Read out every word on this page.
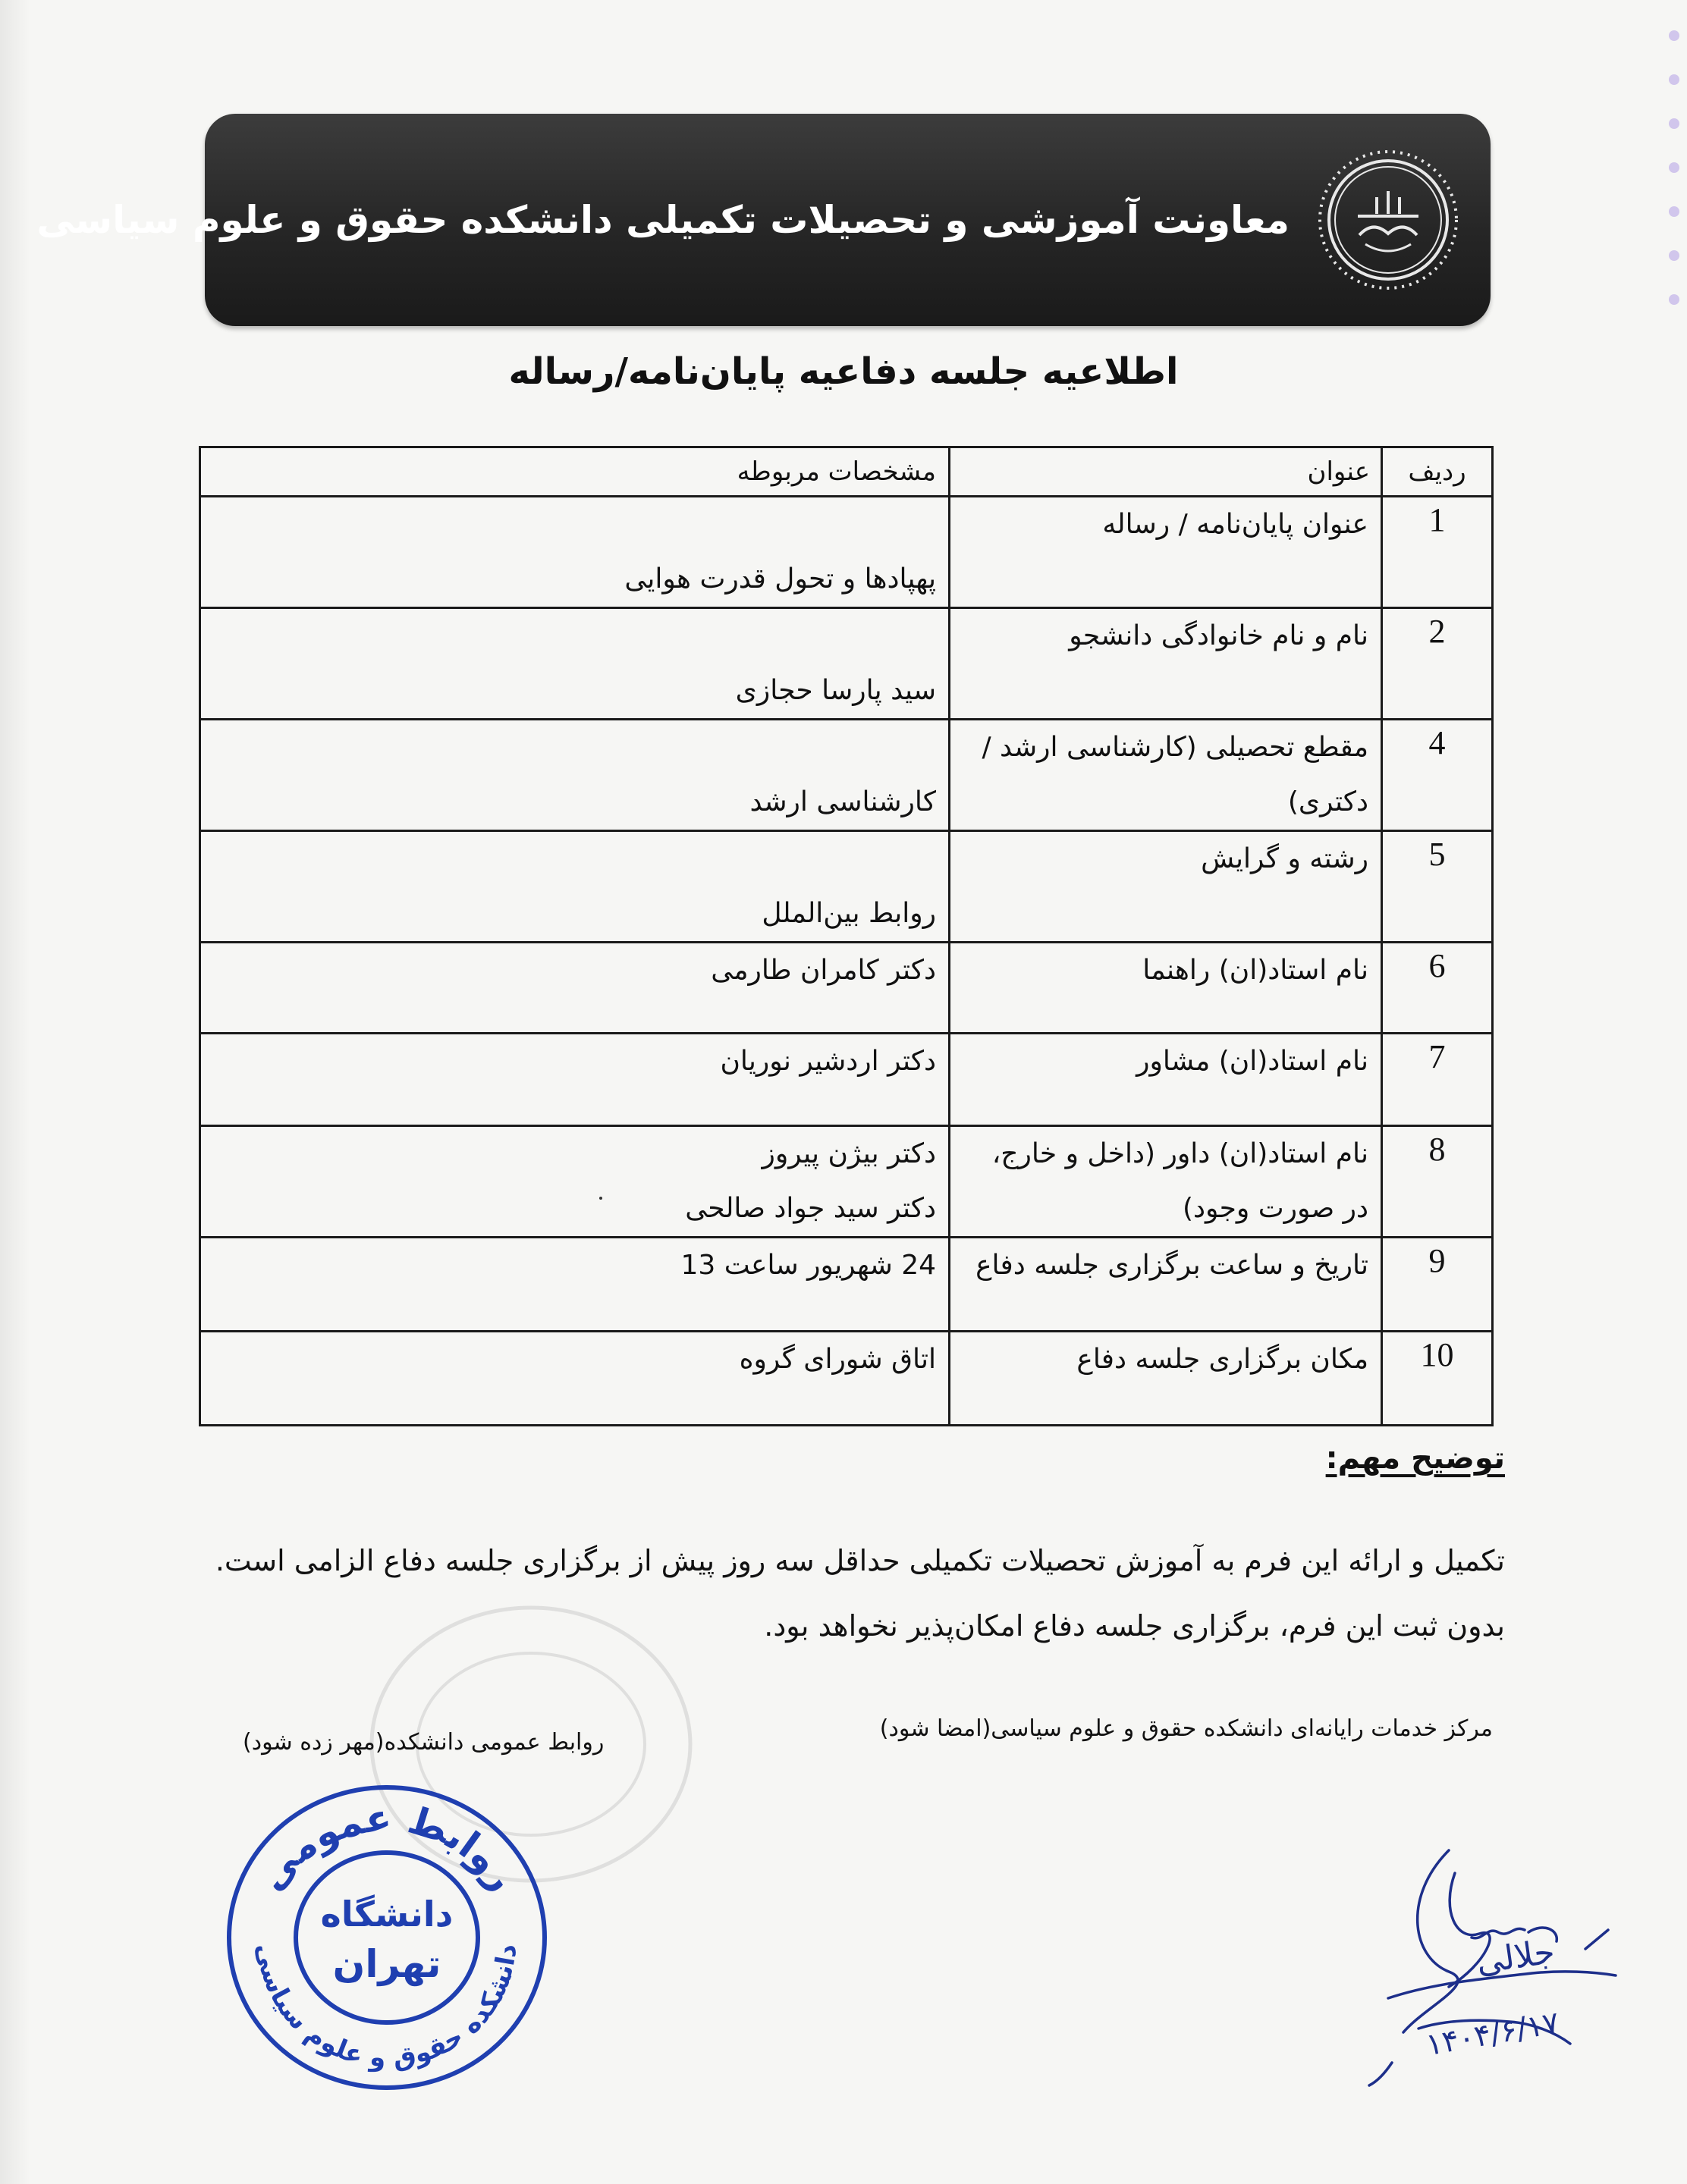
معاونت آموزشی و تحصیلات تکمیلی دانشکده حقوق و علوم سیاسی
اطلاعیه جلسه دفاعیه پایان‌نامه/رساله
ردیف	عنوان	مشخصات مربوطه
1	عنوان پایان‌نامه / رساله	پهپادها و تحول قدرت هوایی

2	نام و نام خانوادگی دانشجو	سید پارسا حجازی

4	مقطع تحصیلی (کارشناسی ارشد / دکتری)	کارشناسی ارشد

5	رشته و گرایش	روابط بین‌الملل

6	نام استاد(ان) راهنما	دکتر کامران طارمی

7	نام استاد(ان) مشاور	دکتر اردشیر نوریان

8	نام استاد(ان) داور (داخل و خارج، در صورت وجود)	دکتر بیژن پیروز
دکتر سید جواد صالحی

9	تاریخ و ساعت برگزاری جلسه دفاع	24 شهریور ساعت 13

10	مکان برگزاری جلسه دفاع	اتاق شورای گروه
توضیح مهم:
تکمیل و ارائه این فرم به آموزش تحصیلات تکمیلی حداقل سه روز پیش از برگزاری جلسه دفاع الزامی است. بدون ثبت این فرم، برگزاری جلسه دفاع امکان‌پذیر نخواهد بود.
مرکز خدمات رایانه‌ای دانشکده حقوق و علوم سیاسی(امضا شود)
روابط عمومی دانشکده(مهر زده شود)
روابط عمومی
دانشکده حقوق و علوم سیاسی
دانشگاه
تهران	جلالی
۱۴۰۴/۶/۱۷
